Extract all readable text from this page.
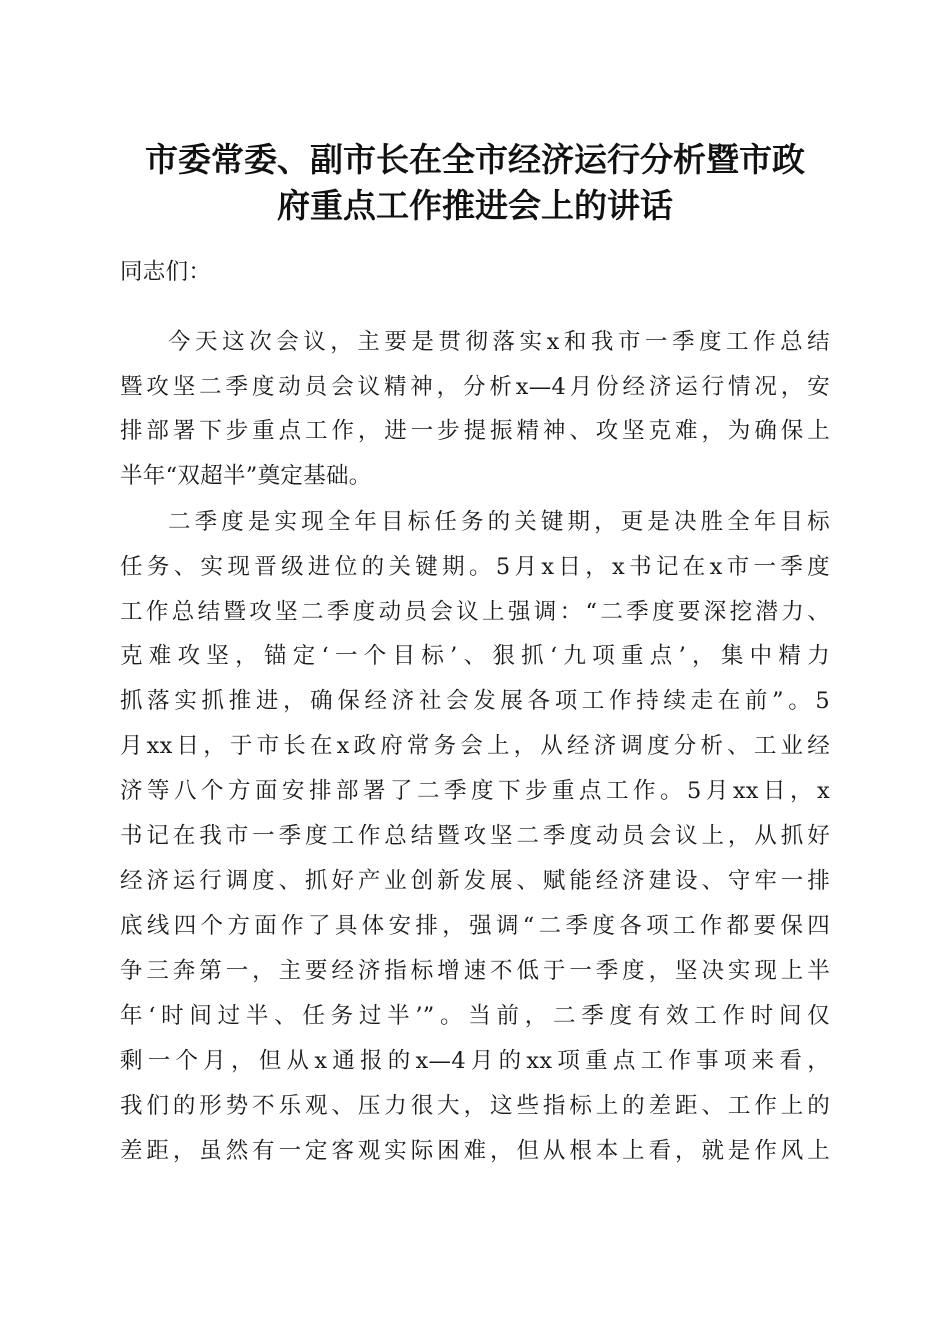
市委常委、副市长在全市经济运行分析暨市政
府重点工作推进会上的讲话

同志们：

今天这次会议，主要是贯彻落实x和我市一季度工作总结

暨攻坚二季度动员会议精神，分析x—4月份经济运行情况，安

排部署下步重点工作，进一步提振精神、攻坚克难，为确保上

半年“双超半”奠定基础。

二季度是实现全年目标任务的关键期，更是决胜全年目标

任务、实现晋级进位的关键期。5月x日，x书记在x市一季度

工作总结暨攻坚二季度动员会议上强调：“二季度要深挖潜力、

克难攻坚，锚定‘一个目标’、狠抓‘九项重点’，集中精力

抓落实抓推进，确保经济社会发展各项工作持续走在前”。5

月xx日，于市长在x政府常务会上，从经济调度分析、工业经

济等八个方面安排部署了二季度下步重点工作。5月xx日，x

书记在我市一季度工作总结暨攻坚二季度动员会议上，从抓好

经济运行调度、抓好产业创新发展、赋能经济建设、守牢一排

底线四个方面作了具体安排，强调“二季度各项工作都要保四

争三奔第一，主要经济指标增速不低于一季度，坚决实现上半

年‘时间过半、任务过半’”。当前，二季度有效工作时间仅

剩一个月，但从x通报的x—4月的xx项重点工作事项来看，

我们的形势不乐观、压力很大，这些指标上的差距、工作上的

差距，虽然有一定客观实际困难，但从根本上看，就是作风上
